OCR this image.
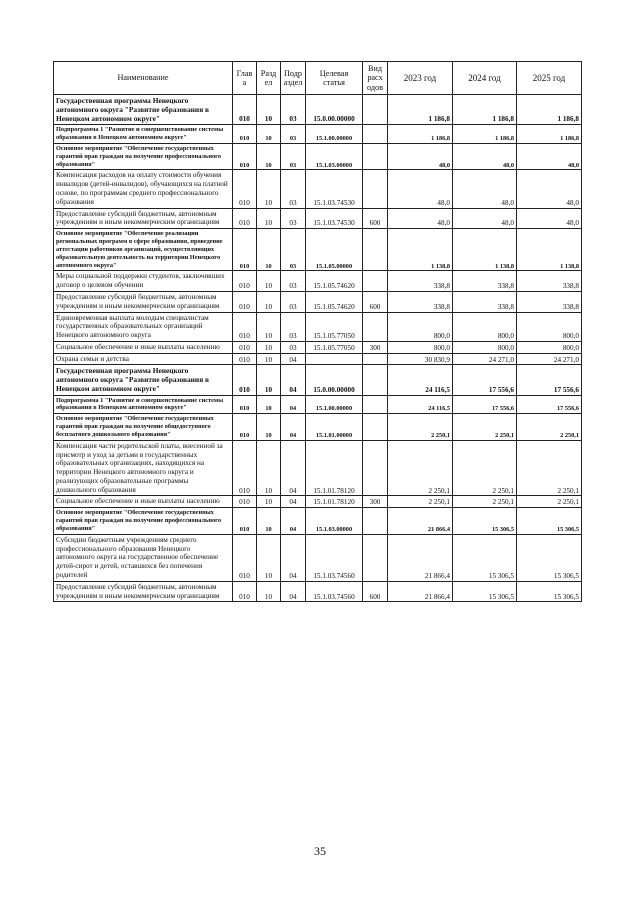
Наименование	Глав а	Разд ел	Подр аздел	Целевая статья	Вид расх одов	2023 год	2024 год	2025 год
Государственная программа Ненецкого автономного округа "Развитие образования в Ненецком автономном округе"	010	10	03	15.0.00.00000		1 186,8	1 186,8	1 186,8
Подпрограмма 1 "Развитие и совершенствование системы образования в Ненецком автономном округе"	010	10	03	15.1.00.00000		1 186,8	1 186,8	1 186,8
Основное мероприятие "Обеспечение государственных гарантий прав граждан на получение профессионального образования"	010	10	03	15.1.03.00000		48,0	48,0	48,0
Компенсация расходов на оплату стоимости обучения инвалидов (детей-инвалидов), обучающихся на платной основе, по программам среднего профессионального образования	010	10	03	15.1.03.74530		48,0	48,0	48,0
Предоставление субсидий бюджетным, автономным учреждениям и иным некоммерческим организациям	010	10	03	15.1.03.74530	600	48,0	48,0	48,0
Основное мероприятие "Обеспечение реализации региональных программ в сфере образования, проведение аттестации работников организаций, осуществляющих образовательную деятельность на территории Ненецкого автономного округа"	010	10	03	15.1.05.00000		1 138,8	1 138,8	1 138,8
Меры социальной поддержки студентов, заключивших договор о целевом обучении	010	10	03	15.1.05.74620		338,8	338,8	338,8
Предоставление субсидий бюджетным, автономным учреждениям и иным некоммерческим организациям	010	10	03	15.1.05.74620	600	338,8	338,8	338,8
Единовременная выплата молодым специалистам государственных образовательных организаций Ненецкого автономного округа	010	10	03	15.1.05.77050		800,0	800,0	800,0
Социальное обеспечение и иные выплаты населению	010	10	03	15.1.05.77050	300	800,0	800,0	800,0
Охрана семьи и детства	010	10	04			30 830,9	24 271,0	24 271,0
Государственная программа Ненецкого автономного округа "Развитие образования в Ненецком автономном округе"	010	10	04	15.0.00.00000		24 116,5	17 556,6	17 556,6
Подпрограмма 1 "Развитие и совершенствование системы образования в Ненецком автономном округе"	010	10	04	15.1.00.00000		24 116,5	17 556,6	17 556,6
Основное мероприятие "Обеспечение государственных гарантий прав граждан на получение общедоступного бесплатного дошкольного образования"	010	10	04	15.1.01.00000		2 250,1	2 250,1	2 250,1
Компенсация части родительской платы, внесенной за присмотр и уход за детьми в государственных образовательных организациях, находящихся на территории Ненецкого автономного округа и реализующих образовательные программы дошкольного образования	010	10	04	15.1.01.78120		2 250,1	2 250,1	2 250,1
Социальное обеспечение и иные выплаты населению	010	10	04	15.1.01.78120	300	2 250,1	2 250,1	2 250,1
Основное мероприятие "Обеспечение государственных гарантий прав граждан на получение профессионального образования"	010	10	04	15.1.03.00000		21 866,4	15 306,5	15 306,5
Субсидии бюджетным учреждениям среднего профессионального образования Ненецкого автономного округа на государственное обеспечение детей-сирот и детей, оставшихся без попечения родителей	010	10	04	15.1.03.74560		21 866,4	15 306,5	15 306,5
Предоставление субсидий бюджетным, автономным учреждениям и иным некоммерческим организациям	010	10	04	15.1.03.74560	600	21 866,4	15 306,5	15 306,5
35
